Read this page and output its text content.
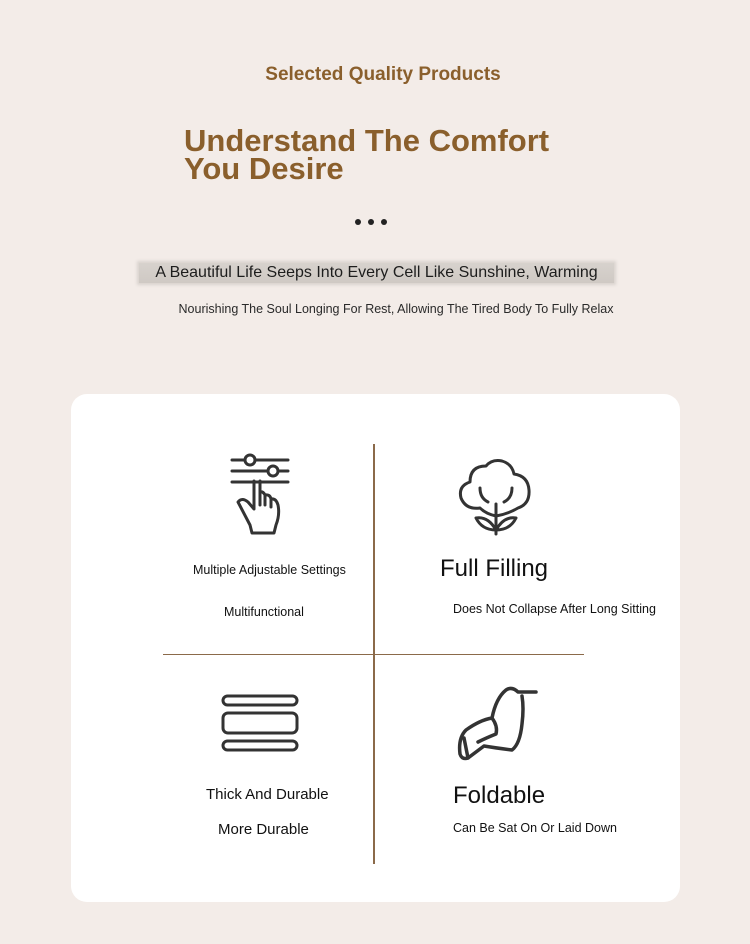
Selected Quality Products
Understand The Comfort
You Desire
A Beautiful Life Seeps Into Every Cell Like Sunshine, Warming
Nourishing The Soul Longing For Rest, Allowing The Tired Body To Fully Relax
Multiple Adjustable Settings
Multifunctional
Full Filling
Does Not Collapse After Long Sitting
Thick And Durable
More Durable
Foldable
Can Be Sat On Or Laid Down
